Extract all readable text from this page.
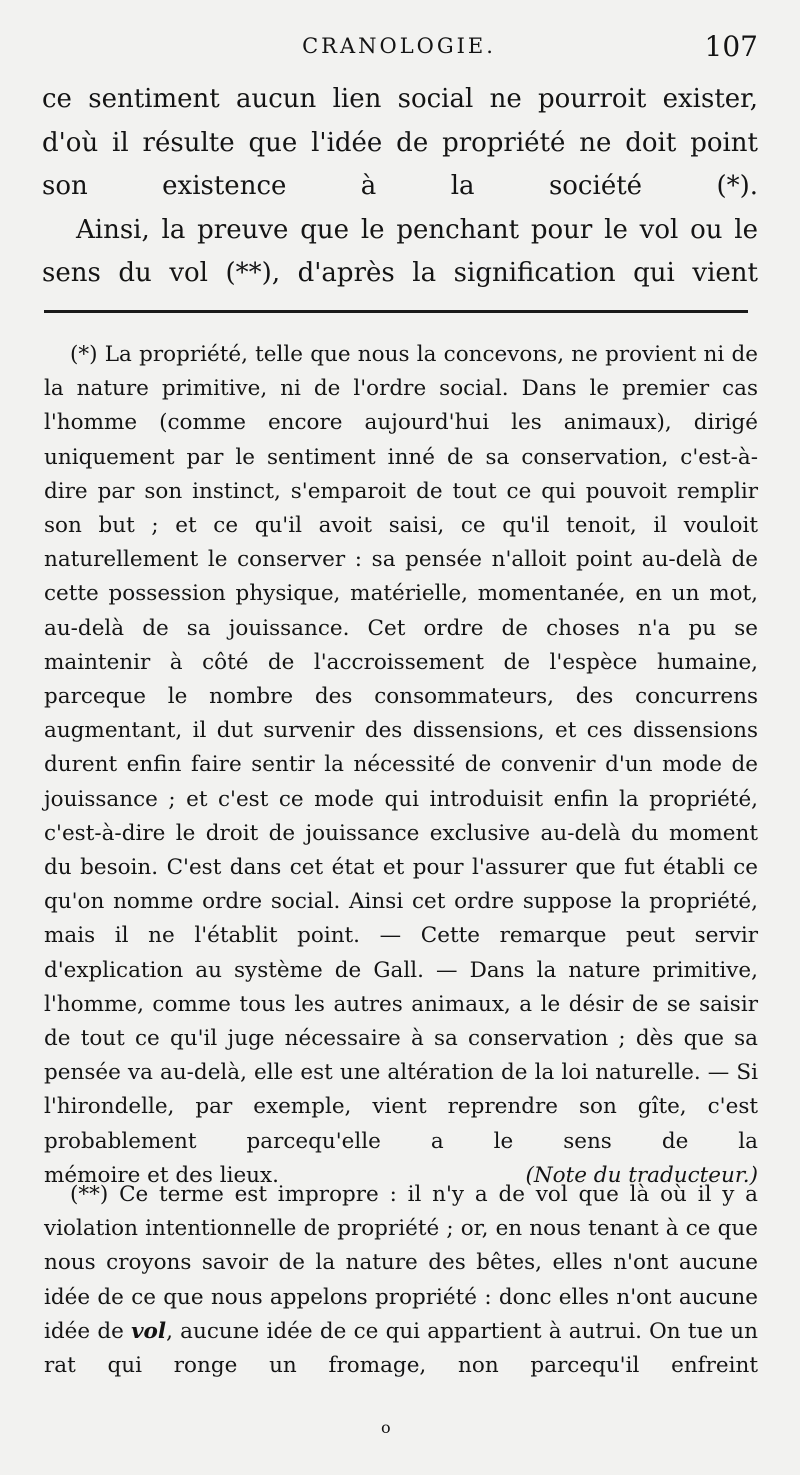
CRANOLOGIE.	107

ce sentiment aucun lien social ne pourroit exister, d'où il résulte que l'idée de propriété ne doit point son existence à la société (*).

Ainsi, la preuve que le penchant pour le vol ou le sens du vol (**), d'après la signification qui vient

(*) La propriété, telle que nous la concevons, ne provient ni de la nature primitive, ni de l'ordre social. Dans le premier cas l'homme (comme encore aujourd'hui les animaux), dirigé uniquement par le sentiment inné de sa conservation, c'est-à-dire par son instinct, s'emparoit de tout ce qui pouvoit remplir son but ; et ce qu'il avoit saisi, ce qu'il tenoit, il vouloit naturellement le conserver : sa pensée n'alloit point au-delà de cette possession physique, matérielle, momentanée, en un mot, au-delà de sa jouissance. Cet ordre de choses n'a pu se maintenir à côté de l'accroissement de l'espèce humaine, parceque le nombre des consommateurs, des concurrens augmentant, il dut survenir des dissensions, et ces dissensions durent enfin faire sentir la nécessité de convenir d'un mode de jouissance ; et c'est ce mode qui introduisit enfin la propriété, c'est-à-dire le droit de jouissance exclusive au-delà du moment du besoin. C'est dans cet état et pour l'assurer que fut établi ce qu'on nomme ordre social. Ainsi cet ordre suppose la propriété, mais il ne l'établit point. — Cette remarque peut servir d'explication au système de Gall. — Dans la nature primitive, l'homme, comme tous les autres animaux, a le désir de se saisir de tout ce qu'il juge nécessaire à sa conservation ; dès que sa pensée va au-delà, elle est une altération de la loi naturelle. — Si l'hirondelle, par exemple, vient reprendre son gîte, c'est probablement parcequ'elle a le sens de la

mémoire et des lieux.	(Note du traducteur.)

(**) Ce terme est impropre : il n'y a de vol que là où il y a violation intentionnelle de propriété ; or, en nous tenant à ce que nous croyons savoir de la nature des bêtes, elles n'ont aucune idée de ce que nous appelons propriété : donc elles n'ont aucune idée de vol, aucune idée de ce qui appartient à autrui. On tue un rat qui ronge un fromage, non parcequ'il enfreint

o
